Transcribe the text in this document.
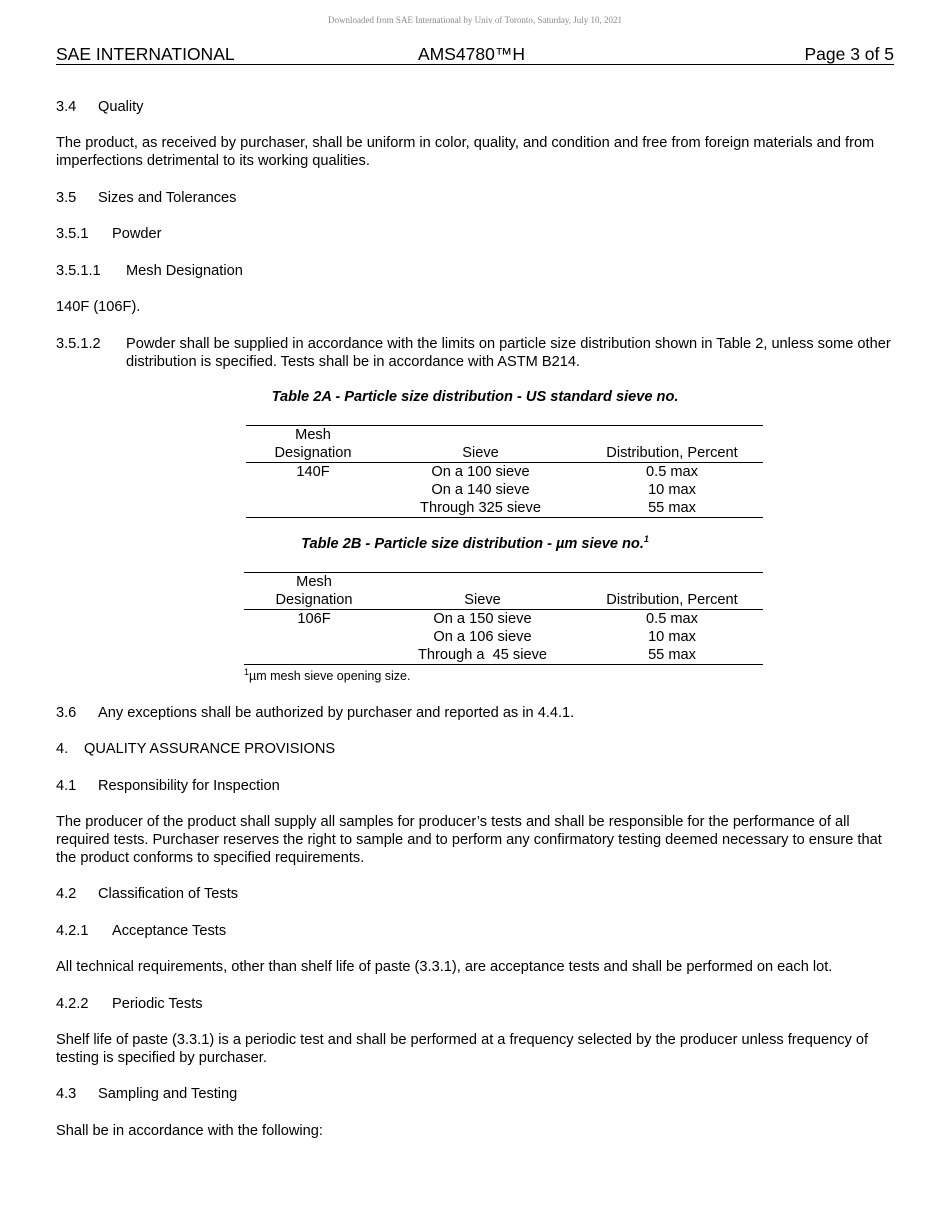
Downloaded from SAE International by Univ of Toronto, Saturday, July 10, 2021
SAE INTERNATIONAL	AMS4780™H	Page 3 of 5
3.4 Quality

The product, as received by purchaser, shall be uniform in color, quality, and condition and free from foreign materials and from imperfections detrimental to its working qualities.

3.5 Sizes and Tolerances
3.5.1 Powder
3.5.1.1 Mesh Designation

140F (106F).

3.5.1.2 Powder shall be supplied in accordance with the limits on particle size distribution shown in Table 2, unless some other distribution is specified. Tests shall be in accordance with ASTM B214.
Table 2A - Particle size distribution - US standard sieve no.
Mesh		
Designation	Sieve	Distribution, Percent
140F	On a 100 sieve	0.5 max
	On a 140 sieve	10 max
	Through 325 sieve	55 max
Table 2B - Particle size distribution - µm sieve no.$^1$
Mesh		
Designation	Sieve	Distribution, Percent
106F	On a 150 sieve	0.5 max
	On a 106 sieve	10 max
	Through a  45 sieve	55 max
$^1$µm mesh sieve opening size.
3.6 Any exceptions shall be authorized by purchaser and reported as in 4.4.1.
4. QUALITY ASSURANCE PROVISIONS
4.1 Responsibility for Inspection

The producer of the product shall supply all samples for producer’s tests and shall be responsible for the performance of all required tests. Purchaser reserves the right to sample and to perform any confirmatory testing deemed necessary to ensure that the product conforms to specified requirements.

4.2 Classification of Tests
4.2.1 Acceptance Tests

All technical requirements, other than shelf life of paste (3.3.1), are acceptance tests and shall be performed on each lot.

4.2.2 Periodic Tests

Shelf life of paste (3.3.1) is a periodic test and shall be performed at a frequency selected by the producer unless frequency of testing is specified by purchaser.

4.3 Sampling and Testing

Shall be in accordance with the following:
